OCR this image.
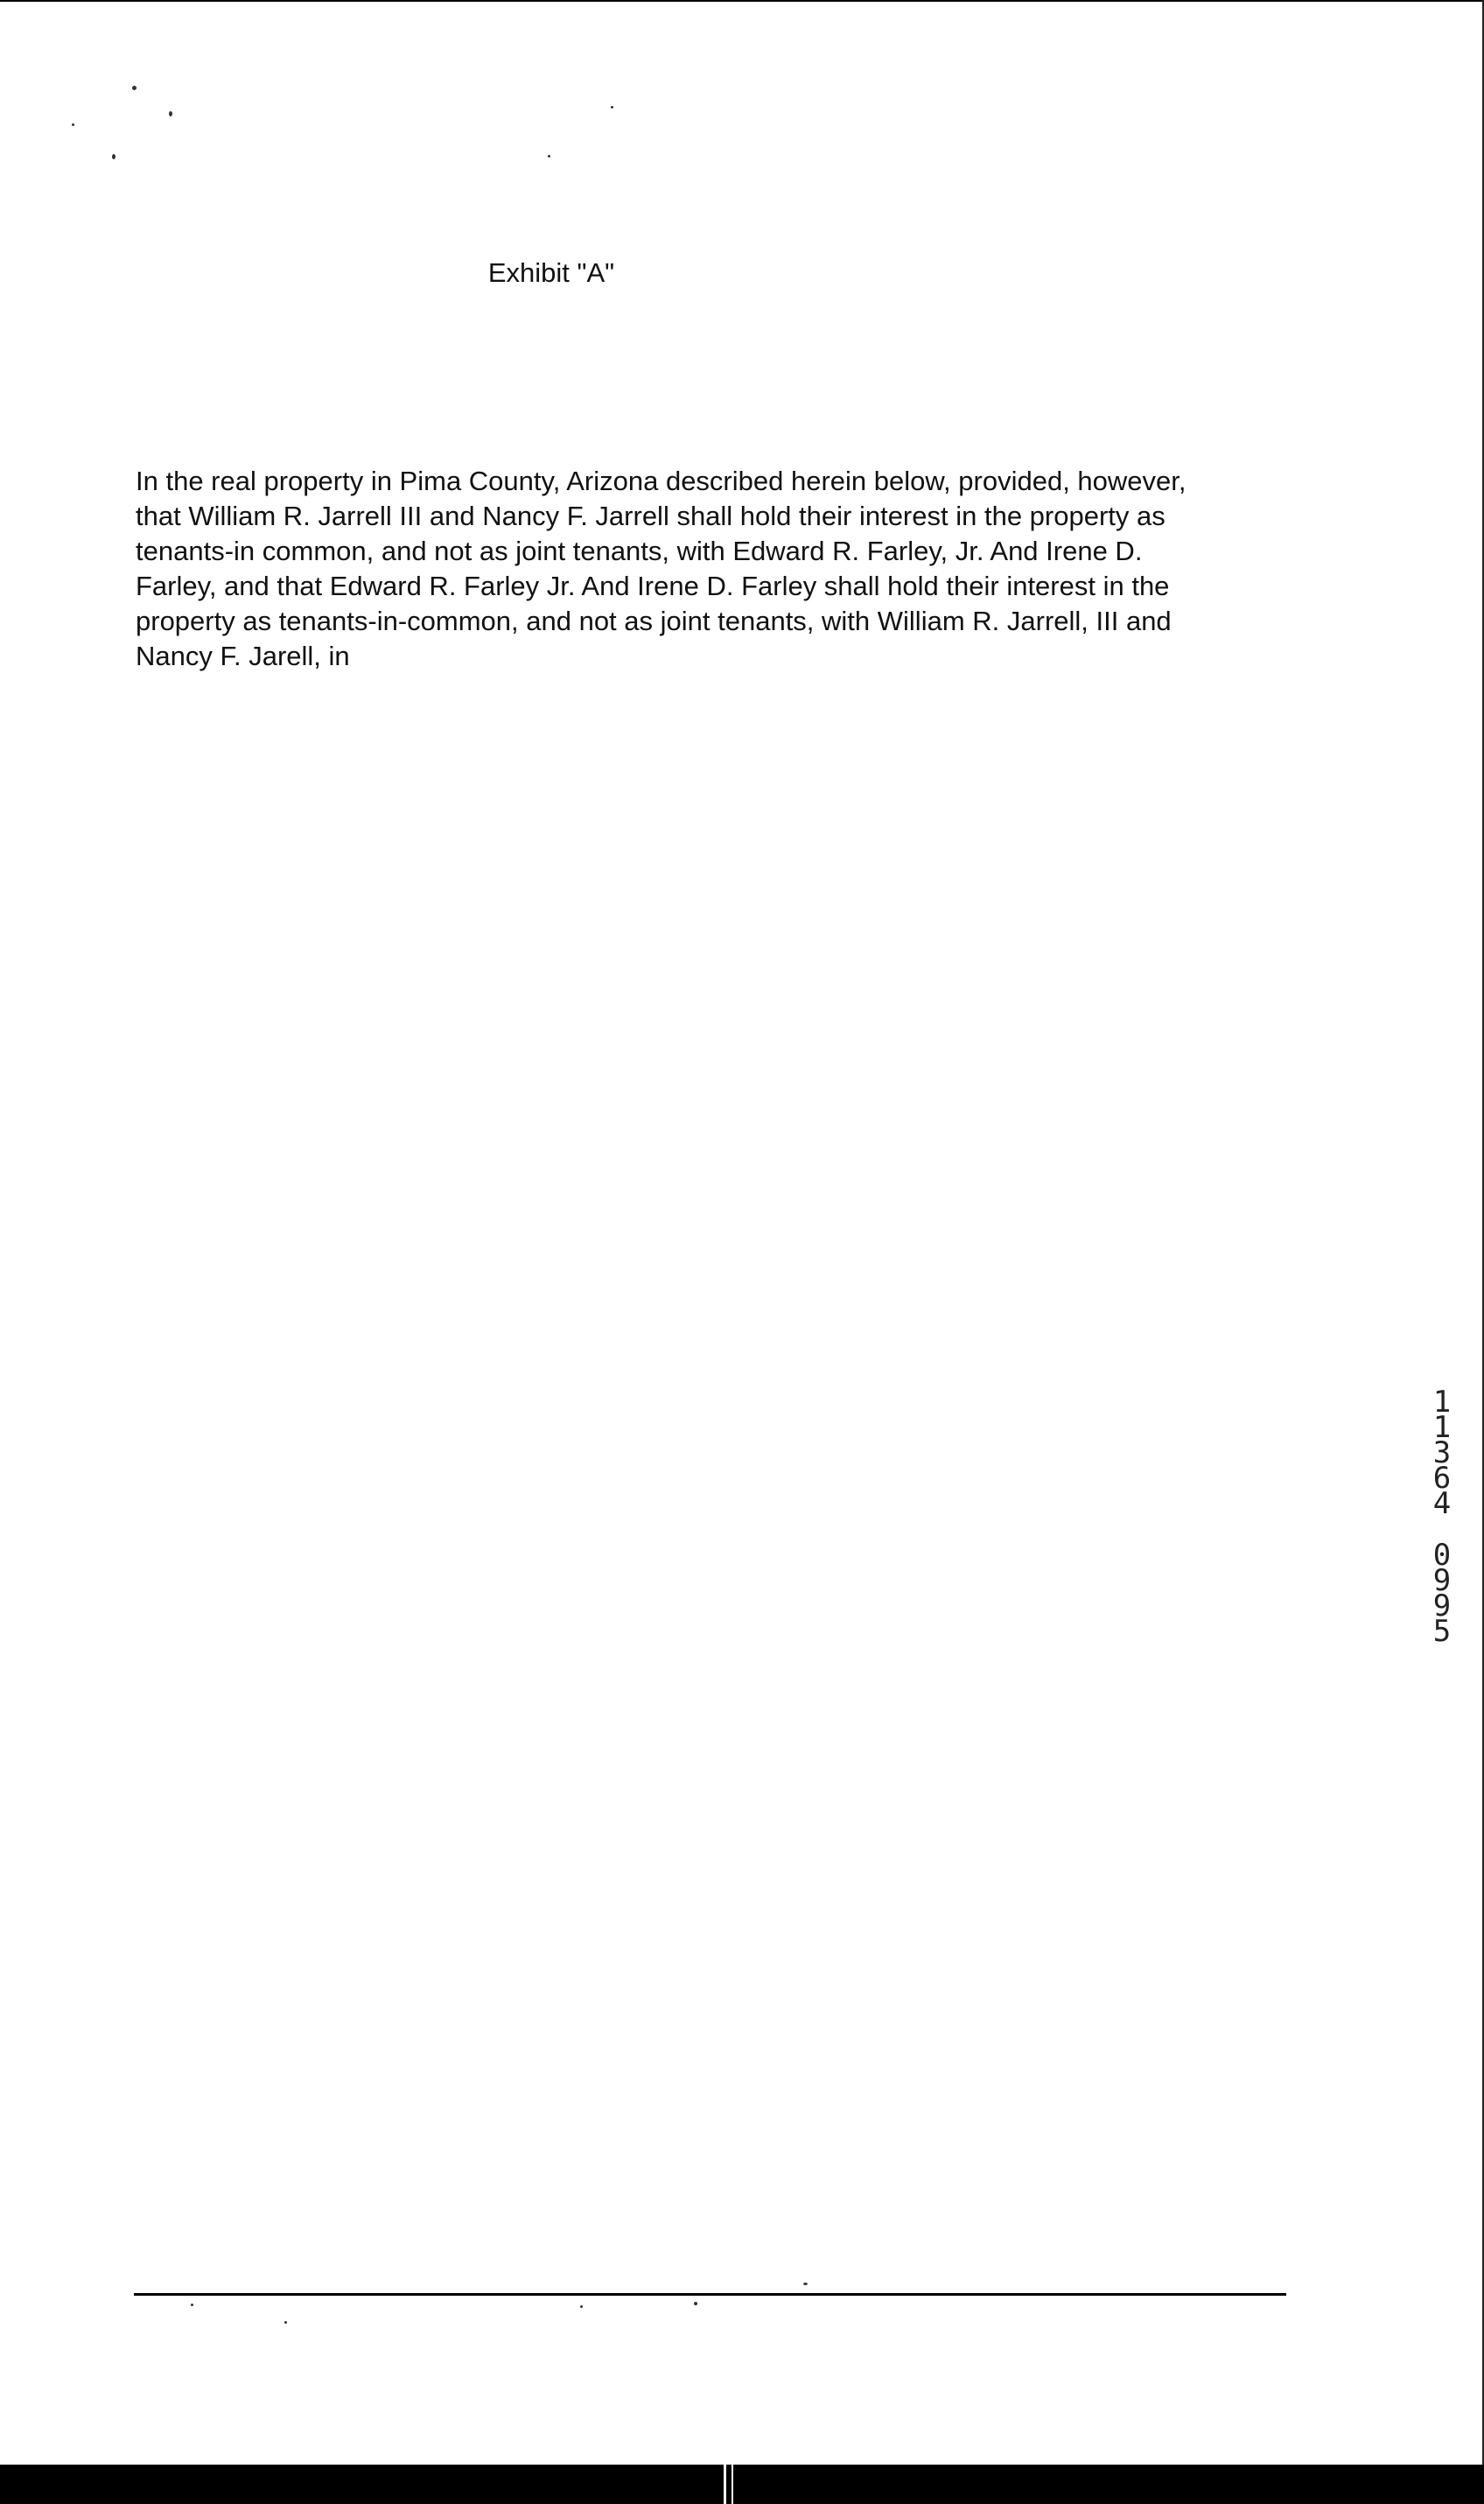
Exhibit "A"

In the real property in Pima County, Arizona described herein below, provided, however,
that William R. Jarrell III and Nancy F. Jarrell shall hold their interest in the property as
tenants-in common, and not as joint tenants, with Edward R. Farley, Jr. And Irene D.
Farley, and that Edward R. Farley Jr. And Irene D. Farley shall hold their interest in the
property as tenants-in-common, and not as joint tenants, with William R. Jarrell, III and
Nancy F. Jarell, in

1
1
3
6
4
0
9
9
5
